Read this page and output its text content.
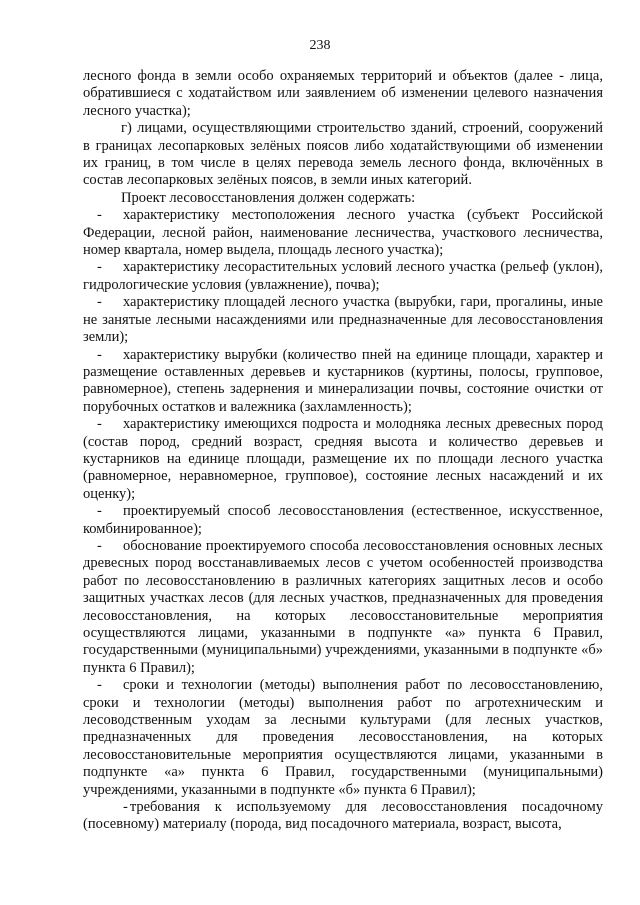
238

лесного фонда в земли особо охраняемых территорий и объектов (далее - лица, обратившиеся с ходатайством или заявлением об изменении целевого назначения лесного участка);

г) лицами, осуществляющими строительство зданий, строений, сооружений в границах лесопарковых зелёных поясов либо ходатайствующими об изменении их границ, в том числе в целях перевода земель лесного фонда, включённых в состав лесопарковых зелёных поясов, в земли иных категорий.

Проект лесовосстановления должен содержать:

- характеристику местоположения лесного участка (субъект Российской Федерации, лесной район, наименование лесничества, участкового лесничества, номер квартала, номер выдела, площадь лесного участка);

- характеристику лесорастительных условий лесного участка (рельеф (уклон), гидрологические условия (увлажнение), почва);

- характеристику площадей лесного участка (вырубки, гари, прогалины, иные не занятые лесными насаждениями или предназначенные для лесовосстановления земли);

- характеристику вырубки (количество пней на единице площади, характер и размещение оставленных деревьев и кустарников (куртины, полосы, групповое, равномерное), степень задернения и минерализации почвы, состояние очистки от порубочных остатков и валежника (захламленность);

- характеристику имеющихся подроста и молодняка лесных древесных пород (состав пород, средний возраст, средняя высота и количество деревьев и кустарников на единице площади, размещение их по площади лесного участка (равномерное, неравномерное, групповое), состояние лесных насаждений и их оценку);

- проектируемый способ лесовосстановления (естественное, искусственное, комбинированное);

- обоснование проектируемого способа лесовосстановления основных лесных древесных пород восстанавливаемых лесов с учетом особенностей производства работ по лесовосстановлению в различных категориях защитных лесов и особо защитных участках лесов (для лесных участков, предназначенных для проведения лесовосстановления, на которых лесовосстановительные мероприятия осуществляются лицами, указанными в подпункте «а» пункта 6 Правил, государственными (муниципальными) учреждениями, указанными в подпункте «б» пункта 6 Правил);

- сроки и технологии (методы) выполнения работ по лесовосстановлению, сроки и технологии (методы) выполнения работ по агротехническим и лесоводственным уходам за лесными культурами (для лесных участков, предназначенных для проведения лесовосстановления, на которых лесовосстановительные мероприятия осуществляются лицами, указанными в подпункте «а» пункта 6 Правил, государственными (муниципальными) учреждениями, указанными в подпункте «б» пункта 6 Правил);

- требования к используемому для лесовосстановления посадочному (посевному) материалу (порода, вид посадочного материала, возраст, высота,
